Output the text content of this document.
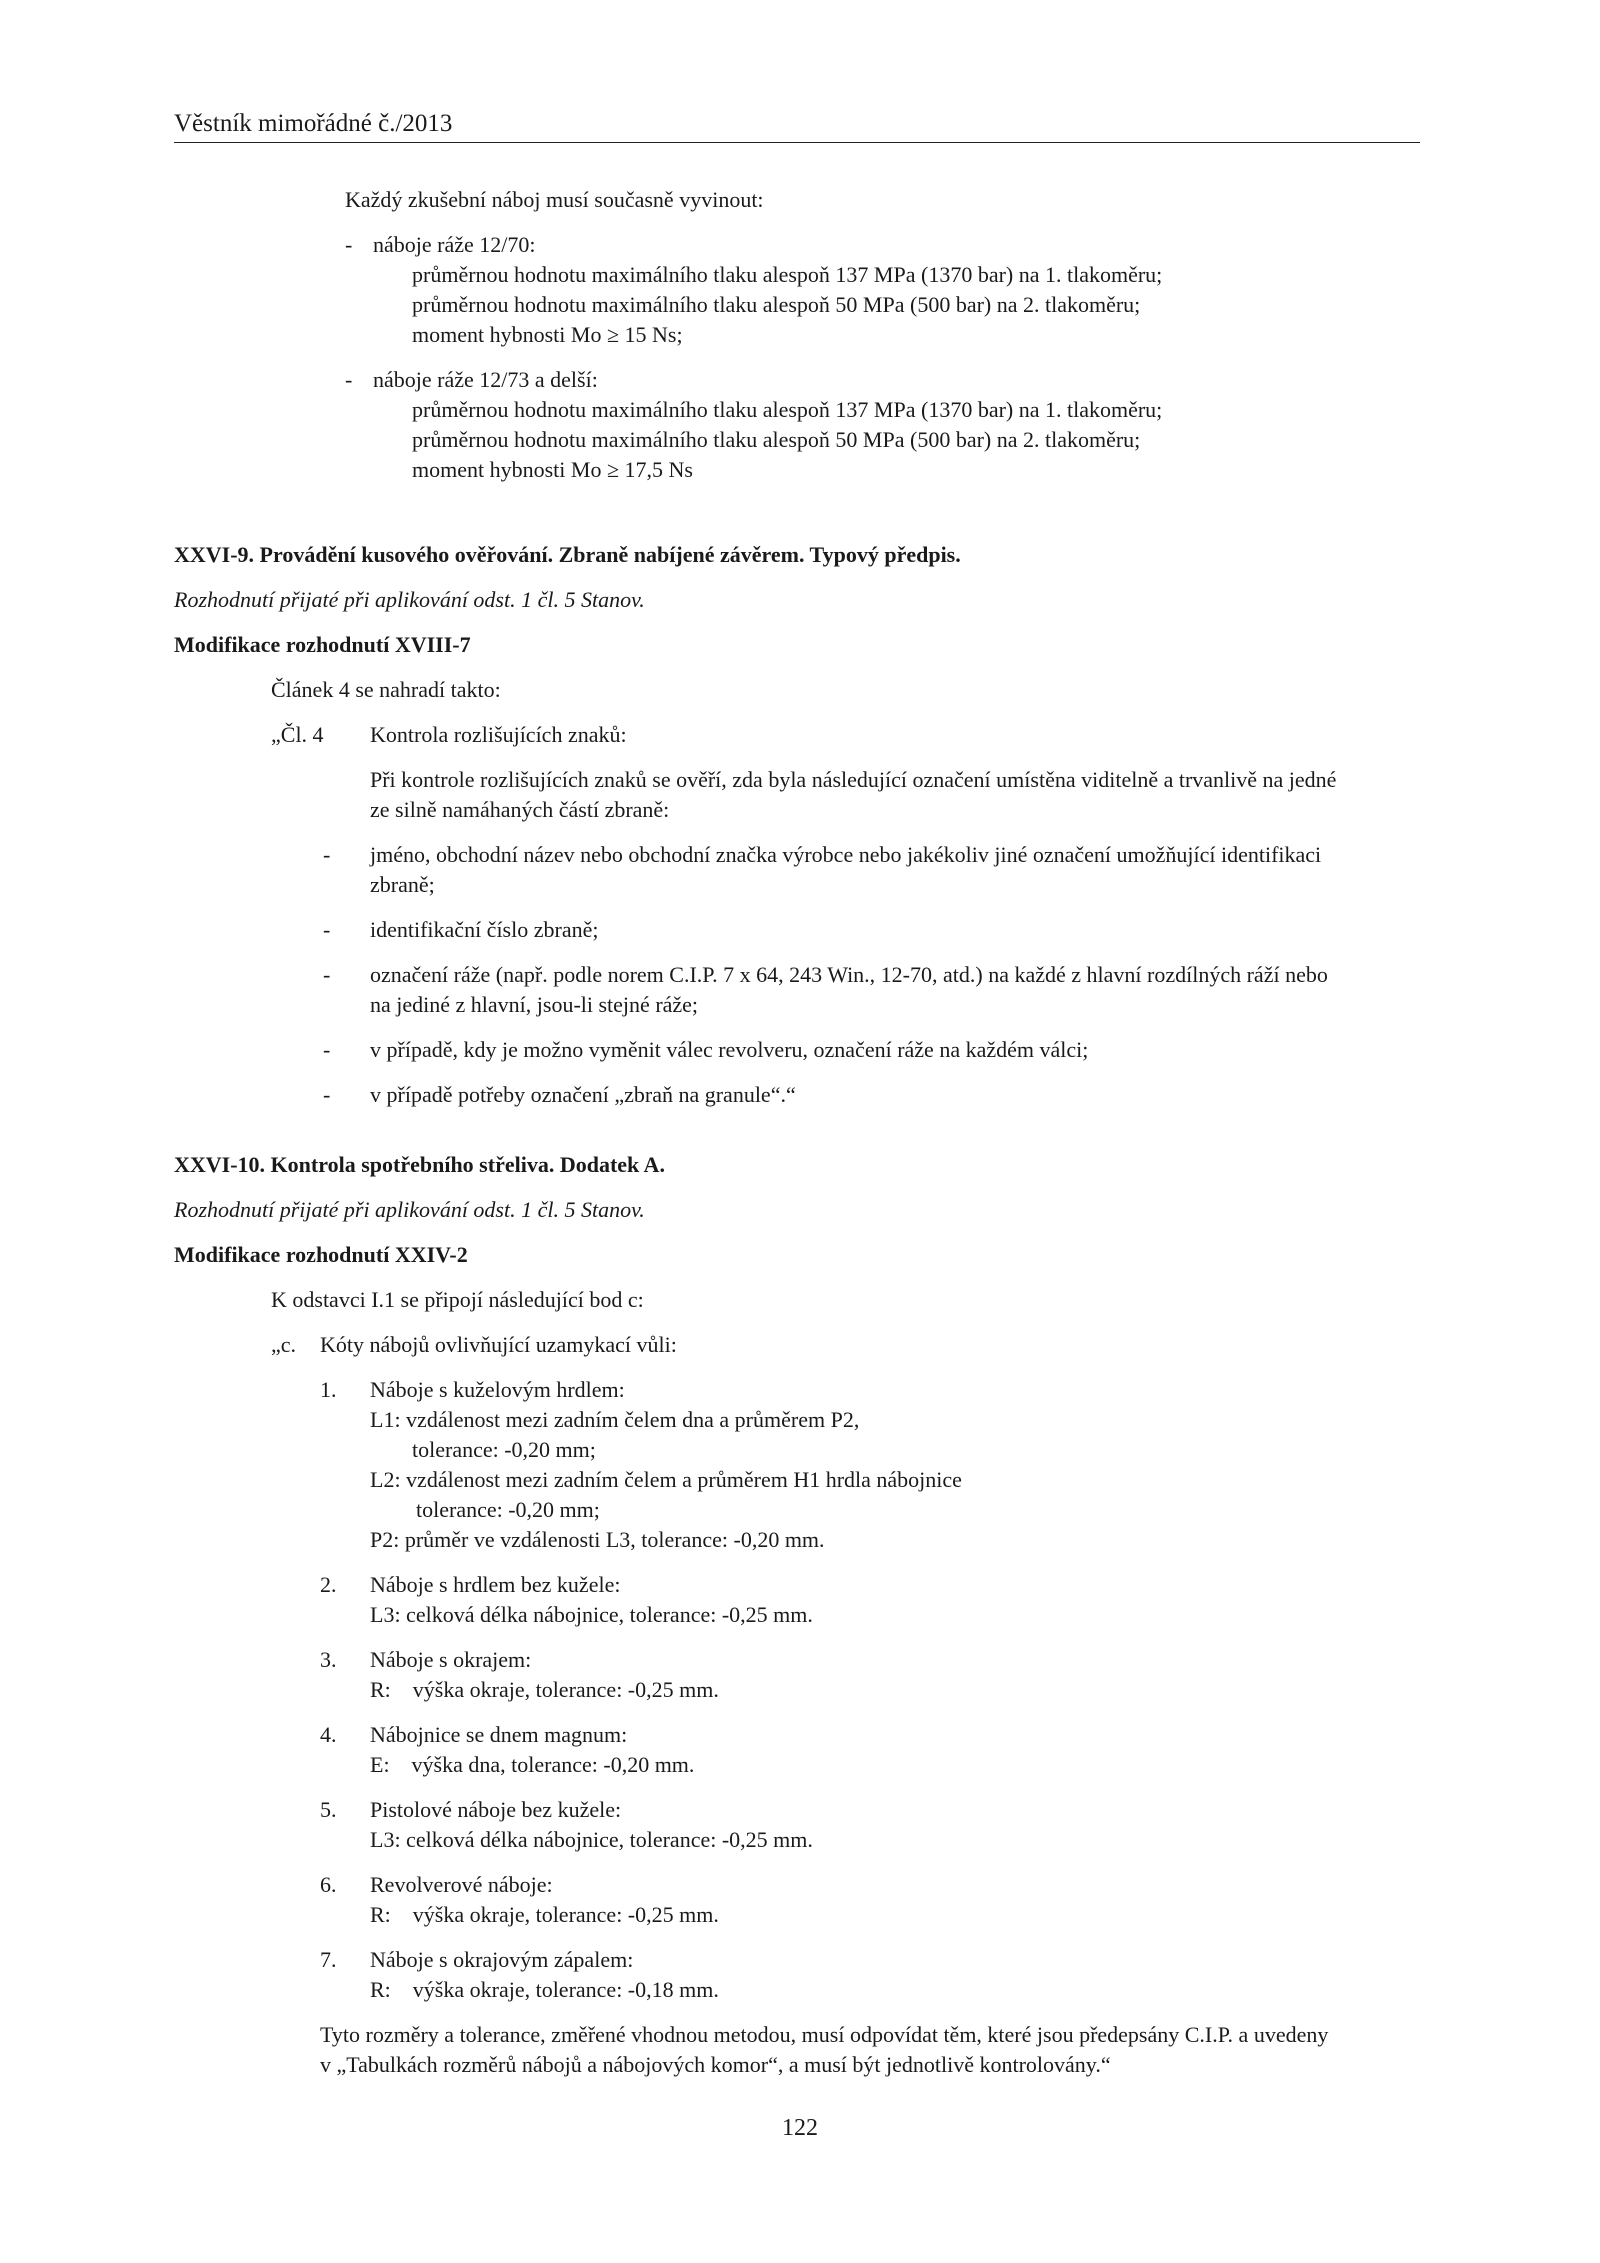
Věstník mimořádné č./2013

Každý zkušební náboj musí současně vyvinout:

- náboje ráže 12/70:

průměrnou hodnotu maximálního tlaku alespoň 137 MPa (1370 bar) na 1. tlakoměru;

průměrnou hodnotu maximálního tlaku alespoň 50 MPa (500 bar) na 2. tlakoměru;

moment hybnosti Mo ≥ 15 Ns;

- náboje ráže 12/73 a delší:

průměrnou hodnotu maximálního tlaku alespoň 137 MPa (1370 bar) na 1. tlakoměru;

průměrnou hodnotu maximálního tlaku alespoň 50 MPa (500 bar) na 2. tlakoměru;

moment hybnosti Mo ≥ 17,5 Ns

XXVI-9. Provádění kusového ověřování. Zbraně nabíjené závěrem. Typový předpis.

Rozhodnutí přijaté při aplikování odst. 1 čl. 5 Stanov.

Modifikace rozhodnutí XVIII-7

Článek 4 se nahradí takto:

„Čl. 4 Kontrola rozlišujících znaků:

Při kontrole rozlišujících znaků se ověří, zda byla následující označení umístěna viditelně a trvanlivě na jedné

ze silně namáhaných částí zbraně:

- jméno, obchodní název nebo obchodní značka výrobce nebo jakékoliv jiné označení umožňující identifikaci

zbraně;

- identifikační číslo zbraně;

- označení ráže (např. podle norem C.I.P. 7 x 64, 243 Win., 12-70, atd.) na každé z hlavní rozdílných ráží nebo

na jediné z hlavní, jsou-li stejné ráže;

- v případě, kdy je možno vyměnit válec revolveru, označení ráže na každém válci;

- v případě potřeby označení „zbraň na granule“.“

XXVI-10. Kontrola spotřebního střeliva. Dodatek A.

Rozhodnutí přijaté při aplikování odst. 1 čl. 5 Stanov.

Modifikace rozhodnutí XXIV-2

K odstavci I.1 se připojí následující bod c:

„c. Kóty nábojů ovlivňující uzamykací vůli:

1. Náboje s kuželovým hrdlem:

L1: vzdálenost mezi zadním čelem dna a průměrem P2,

tolerance: -0,20 mm;

L2: vzdálenost mezi zadním čelem a průměrem H1 hrdla nábojnice

tolerance: -0,20 mm;

P2: průměr ve vzdálenosti L3, tolerance: -0,20 mm.

2. Náboje s hrdlem bez kužele:

L3: celková délka nábojnice, tolerance: -0,25 mm.

3. Náboje s okrajem:

R:    výška okraje, tolerance: -0,25 mm.

4. Nábojnice se dnem magnum:

E:    výška dna, tolerance: -0,20 mm.

5. Pistolové náboje bez kužele:

L3: celková délka nábojnice, tolerance: -0,25 mm.

6. Revolverové náboje:

R:    výška okraje, tolerance: -0,25 mm.

7. Náboje s okrajovým zápalem:

R:    výška okraje, tolerance: -0,18 mm.

Tyto rozměry a tolerance, změřené vhodnou metodou, musí odpovídat těm, které jsou předepsány C.I.P. a uvedeny

v „Tabulkách rozměrů nábojů a nábojových komor“, a musí být jednotlivě kontrolovány.“

122
